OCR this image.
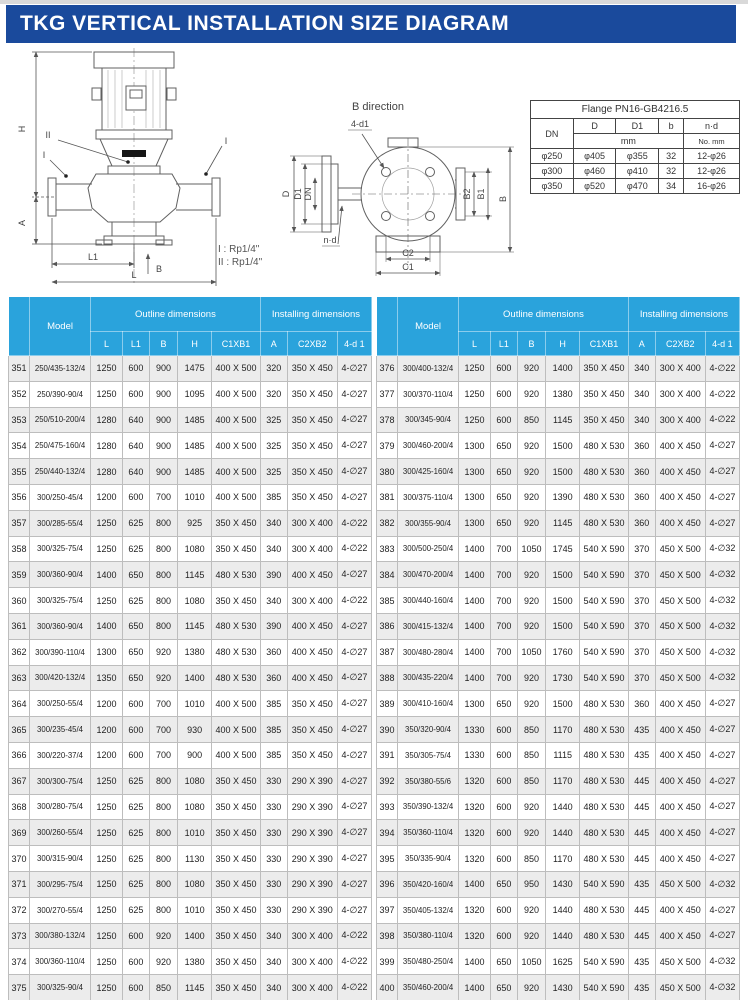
TKG VERTICAL INSTALLATION SIZE DIAGRAM
H
A
L1
L
B
II
I
I
B direction
D D1 DN	B2 B1 B
C2
C1
4-d1
n·d
I : Rp1/4"
II : Rp1/4"
Flange PN16-GB4216.5				
DN	D	D1	b	n·d
	mm			No. mm
φ250	φ405	φ355	32	12-φ26
φ300	φ460	φ410	32	12-φ26
φ350	φ520	φ470	34	16-φ26
	Model	Outline dimensions					Installing dimensions		
		L	L1	B	H	C1XB1	A	C2XB2	4-d 1
351	250/435-132/4	1250	600	900	1475	400 X 500	320	350 X 450	4-∅27
352	250/390-90/4	1250	600	900	1095	400 X 500	320	350 X 450	4-∅27
353	250/510-200/4	1280	640	900	1485	400 X 500	325	350 X 450	4-∅27
354	250/475-160/4	1280	640	900	1485	400 X 500	325	350 X 450	4-∅27
355	250/440-132/4	1280	640	900	1485	400 X 500	325	350 X 450	4-∅27
356	300/250-45/4	1200	600	700	1010	400 X 500	385	350 X 450	4-∅27
357	300/285-55/4	1250	625	800	925	350 X 450	340	300 X 400	4-∅22
358	300/325-75/4	1250	625	800	1080	350 X 450	340	300 X 400	4-∅22
359	300/360-90/4	1400	650	800	1145	480 X 530	390	400 X 450	4-∅27
360	300/325-75/4	1250	625	800	1080	350 X 450	340	300 X 400	4-∅22
361	300/360-90/4	1400	650	800	1145	480 X 530	390	400 X 450	4-∅27
362	300/390-110/4	1300	650	920	1380	480 X 530	360	400 X 450	4-∅27
363	300/420-132/4	1350	650	920	1400	480 X 530	360	400 X 450	4-∅27
364	300/250-55/4	1200	600	700	1010	400 X 500	385	350 X 450	4-∅27
365	300/235-45/4	1200	600	700	930	400 X 500	385	350 X 450	4-∅27
366	300/220-37/4	1200	600	700	900	400 X 500	385	350 X 450	4-∅27
367	300/300-75/4	1250	625	800	1080	350 X 450	330	290 X 390	4-∅27
368	300/280-75/4	1250	625	800	1080	350 X 450	330	290 X 390	4-∅27
369	300/260-55/4	1250	625	800	1010	350 X 450	330	290 X 390	4-∅27
370	300/315-90/4	1250	625	800	1130	350 X 450	330	290 X 390	4-∅27
371	300/295-75/4	1250	625	800	1080	350 X 450	330	290 X 390	4-∅27
372	300/270-55/4	1250	625	800	1010	350 X 450	330	290 X 390	4-∅27
373	300/380-132/4	1250	600	920	1400	350 X 450	340	300 X 400	4-∅22
374	300/360-110/4	1250	600	920	1380	350 X 450	340	300 X 400	4-∅22
375	300/325-90/4	1250	600	850	1145	350 X 450	340	300 X 400	4-∅22
	Model	Outline dimensions					Installing dimensions		
		L	L1	B	H	C1XB1	A	C2XB2	4-d 1
376	300/400-132/4	1250	600	920	1400	350 X 450	340	300 X 400	4-∅22
377	300/370-110/4	1250	600	920	1380	350 X 450	340	300 X 400	4-∅22
378	300/345-90/4	1250	600	850	1145	350 X 450	340	300 X 400	4-∅22
379	300/460-200/4	1300	650	920	1500	480 X 530	360	400 X 450	4-∅27
380	300/425-160/4	1300	650	920	1500	480 X 530	360	400 X 450	4-∅27
381	300/375-110/4	1300	650	920	1390	480 X 530	360	400 X 450	4-∅27
382	300/355-90/4	1300	650	920	1145	480 X 530	360	400 X 450	4-∅27
383	300/500-250/4	1400	700	1050	1745	540 X 590	370	450 X 500	4-∅32
384	300/470-200/4	1400	700	920	1500	540 X 590	370	450 X 500	4-∅32
385	300/440-160/4	1400	700	920	1500	540 X 590	370	450 X 500	4-∅32
386	300/415-132/4	1400	700	920	1500	540 X 590	370	450 X 500	4-∅32
387	300/480-280/4	1400	700	1050	1760	540 X 590	370	450 X 500	4-∅32
388	300/435-220/4	1400	700	920	1730	540 X 590	370	450 X 500	4-∅32
389	300/410-160/4	1300	650	920	1500	480 X 530	360	400 X 450	4-∅27
390	350/320-90/4	1330	600	850	1170	480 X 530	435	400 X 450	4-∅27
391	350/305-75/4	1330	600	850	1115	480 X 530	435	400 X 450	4-∅27
392	350/380-55/6	1320	600	850	1170	480 X 530	445	400 X 450	4-∅27
393	350/390-132/4	1320	600	920	1440	480 X 530	445	400 X 450	4-∅27
394	350/360-110/4	1320	600	920	1440	480 X 530	445	400 X 450	4-∅27
395	350/335-90/4	1320	600	850	1170	480 X 530	445	400 X 450	4-∅27
396	350/420-160/4	1400	650	950	1430	540 X 590	435	450 X 500	4-∅32
397	350/405-132/4	1320	600	920	1440	480 X 530	445	400 X 450	4-∅27
398	350/380-110/4	1320	600	920	1440	480 X 530	445	400 X 450	4-∅27
399	350/480-250/4	1400	650	1050	1625	540 X 590	435	450 X 500	4-∅32
400	350/460-200/4	1400	650	920	1430	540 X 590	435	450 X 500	4-∅32
